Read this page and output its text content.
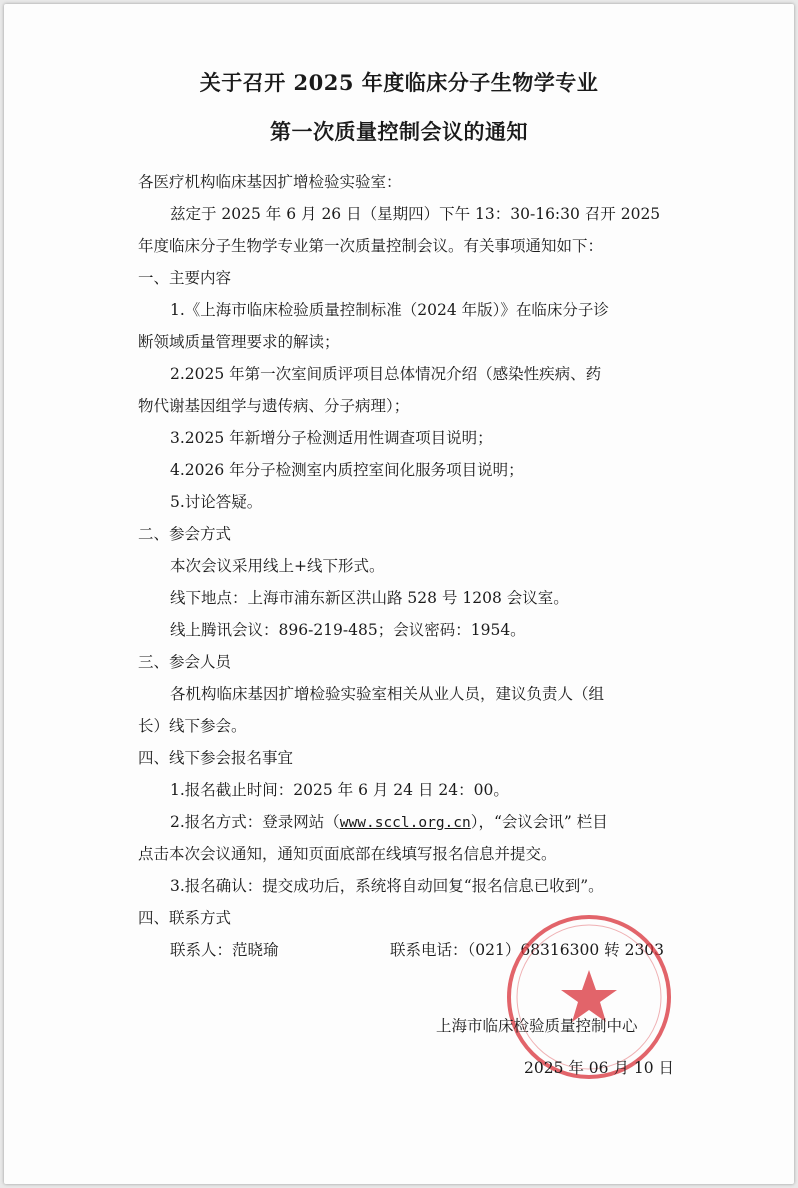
关于召开 2025 年度临床分子生物学专业
第一次质量控制会议的通知
各医疗机构临床基因扩增检验实验室：
兹定于 2025 年 6 月 26 日（星期四）下午 13：30-16:30 召开 2025
年度临床分子生物学专业第一次质量控制会议。有关事项通知如下：
一、主要内容
1.《上海市临床检验质量控制标准（2024 年版）》在临床分子诊
断领域质量管理要求的解读；
2.2025 年第一次室间质评项目总体情况介绍（感染性疾病、药
物代谢基因组学与遗传病、分子病理）；
3.2025 年新增分子检测适用性调查项目说明；
4.2026 年分子检测室内质控室间化服务项目说明；
5.讨论答疑。
二、参会方式
本次会议采用线上+线下形式。
线下地点：上海市浦东新区洪山路 528 号 1208 会议室。
线上腾讯会议：896-219-485；会议密码：1954。
三、参会人员
各机构临床基因扩增检验实验室相关从业人员，建议负责人（组
长）线下参会。
四、线下参会报名事宜
1.报名截止时间：2025 年 6 月 24 日 24：00。
2.报名方式：登录网站（www.sccl.org.cn），“会议会讯” 栏目
点击本次会议通知，通知页面底部在线填写报名信息并提交。
3.报名确认：提交成功后，系统将自动回复“报名信息已收到”。
四、联系方式
联系人：范晓瑜	联系电话：（021）68316300 转 2303
上海市临床检验质量控制中心
2025 年 06 月 10 日
